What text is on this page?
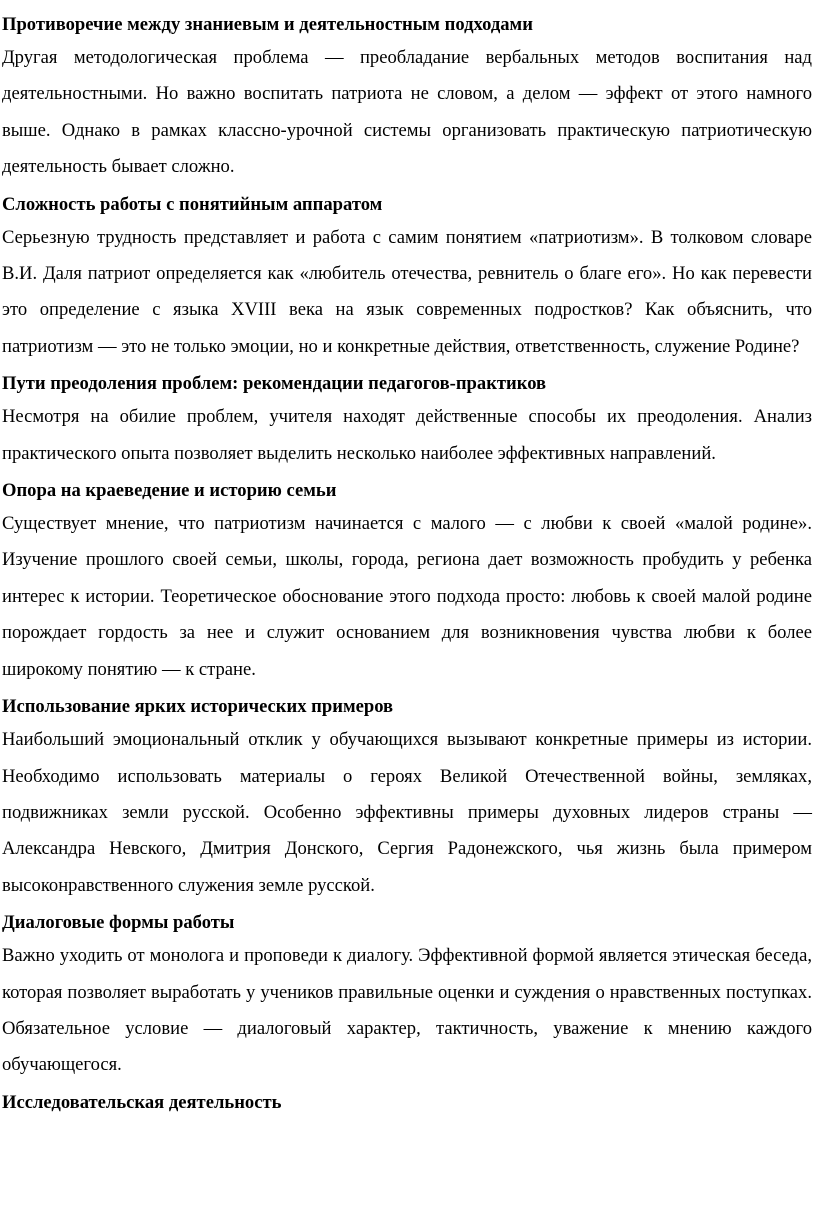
Противоречие между знаниевым и деятельностным подходами

Другая методологическая проблема — преобладание вербальных методов воспитания над деятельностными. Но важно воспитать патриота не словом, а делом — эффект от этого намного выше. Однако в рамках классно-урочной системы организовать практическую патриотическую деятельность бывает сложно.

Сложность работы с понятийным аппаратом

Серьезную трудность представляет и работа с самим понятием «патриотизм». В толковом словаре В.И. Даля патриот определяется как «любитель отечества, ревнитель о благе его». Но как перевести это определение с языка XVIII века на язык современных подростков? Как объяснить, что патриотизм — это не только эмоции, но и конкретные действия, ответственность, служение Родине?

Пути преодоления проблем: рекомендации педагогов-практиков

Несмотря на обилие проблем, учителя находят действенные способы их преодоления. Анализ практического опыта позволяет выделить несколько наиболее эффективных направлений.

Опора на краеведение и историю семьи

Существует мнение, что патриотизм начинается с малого — с любви к своей «малой родине». Изучение прошлого своей семьи, школы, города, региона дает возможность пробудить у ребенка интерес к истории. Теоретическое обоснование этого подхода просто: любовь к своей малой родине порождает гордость за нее и служит основанием для возникновения чувства любви к более широкому понятию — к стране.

Использование ярких исторических примеров

Наибольший эмоциональный отклик у обучающихся вызывают конкретные примеры из истории. Необходимо использовать материалы о героях Великой Отечественной войны, земляках, подвижниках земли русской. Особенно эффективны примеры духовных лидеров страны — Александра Невского, Дмитрия Донского, Сергия Радонежского, чья жизнь была примером высоконравственного служения земле русской.

Диалоговые формы работы

Важно уходить от монолога и проповеди к диалогу. Эффективной формой является этическая беседа, которая позволяет выработать у учеников правильные оценки и суждения о нравственных поступках. Обязательное условие — диалоговый характер, тактичность, уважение к мнению каждого обучающегося.

Исследовательская деятельность
